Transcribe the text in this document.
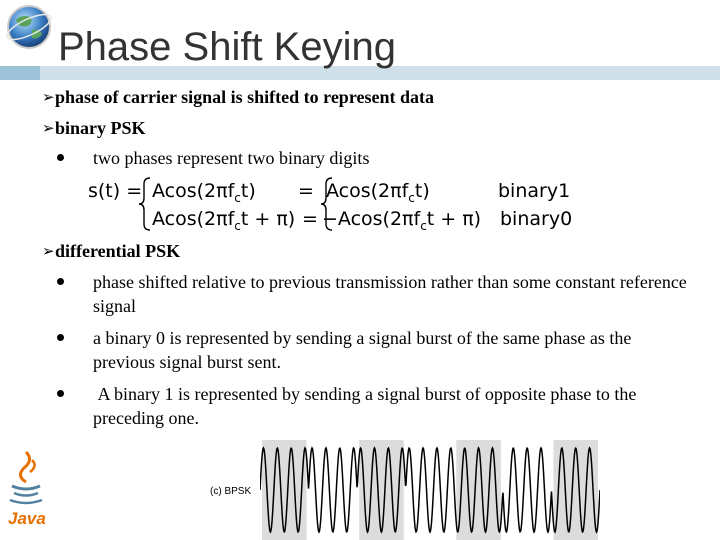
Phase Shift Keying
➢ phase of carrier signal is shifted to represent data
➢ binary PSK
two phases represent two binary digits
$s(t) = Acos(2\pi f_ct) = Acos(2\pi f_ct)$	binary1
$Acos(2\pi f_ct + \pi) = -Acos(2\pi f_ct + \pi)$ binary0
➢ differential PSK
phase shifted relative to previous transmission rather than some constant reference signal
a binary 0 is represented by sending a signal burst of the same phase as the previous signal burst sent.
A binary 1 is represented by sending a signal burst of opposite phase to the preceding one.
Java
(c) BPSK
